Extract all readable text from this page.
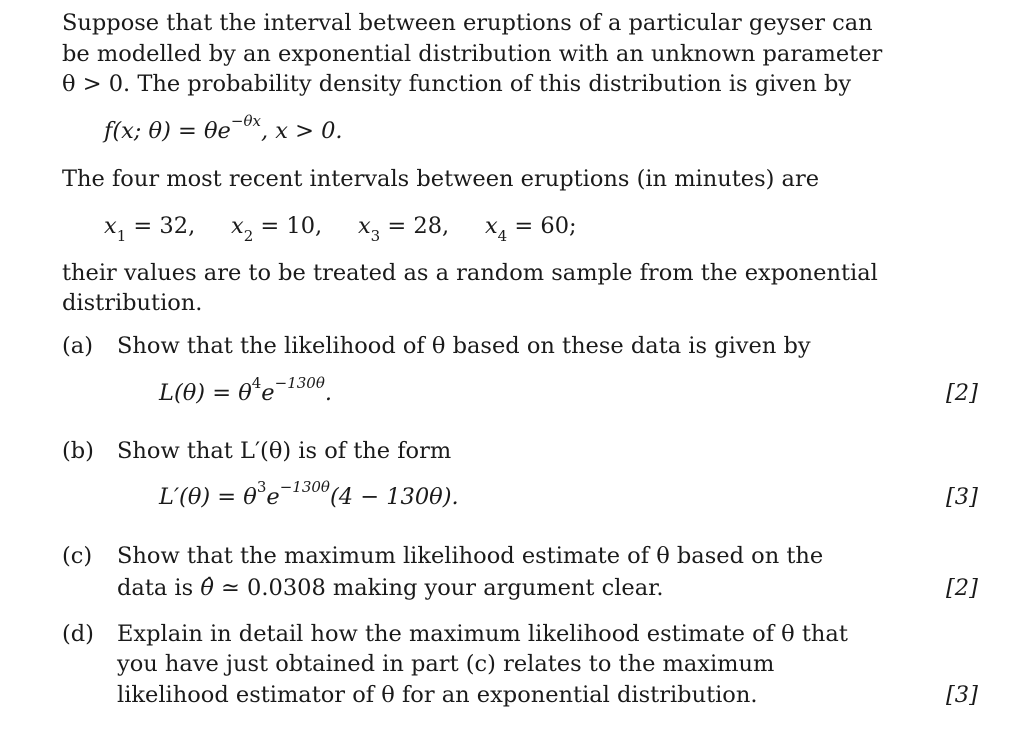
Suppose that the interval between eruptions of a particular geyser can
be modelled by an exponential distribution with an unknown parameter
θ > 0. The probability density function of this distribution is given by
f(x; $\theta) = \theta e^{-\theta x}$, x > 0.
The four most recent intervals between eruptions (in minutes) are
$x_1 = 32$,     $x_2 = 10$,     $x_3 = 28$,     $x_4 = 60$;
their values are to be treated as a random sample from the exponential
distribution.
(a) Show that the likelihood of θ based on these data is given by
$L(\theta) = \theta^4e^{-130\theta}$.	[2]
(b) Show that L′(θ) is of the form
$L'(\theta) = \theta^3e^{-130\theta}(4 - 130\theta)$.	[3]
(c) Show that the maximum likelihood estimate of θ based on the
data is θ̂ ≃ 0.0308 making your argument clear.	[2]
(d) Explain in detail how the maximum likelihood estimate of θ that
you have just obtained in part (c) relates to the maximum
likelihood estimator of θ for an exponential distribution.	[3]
